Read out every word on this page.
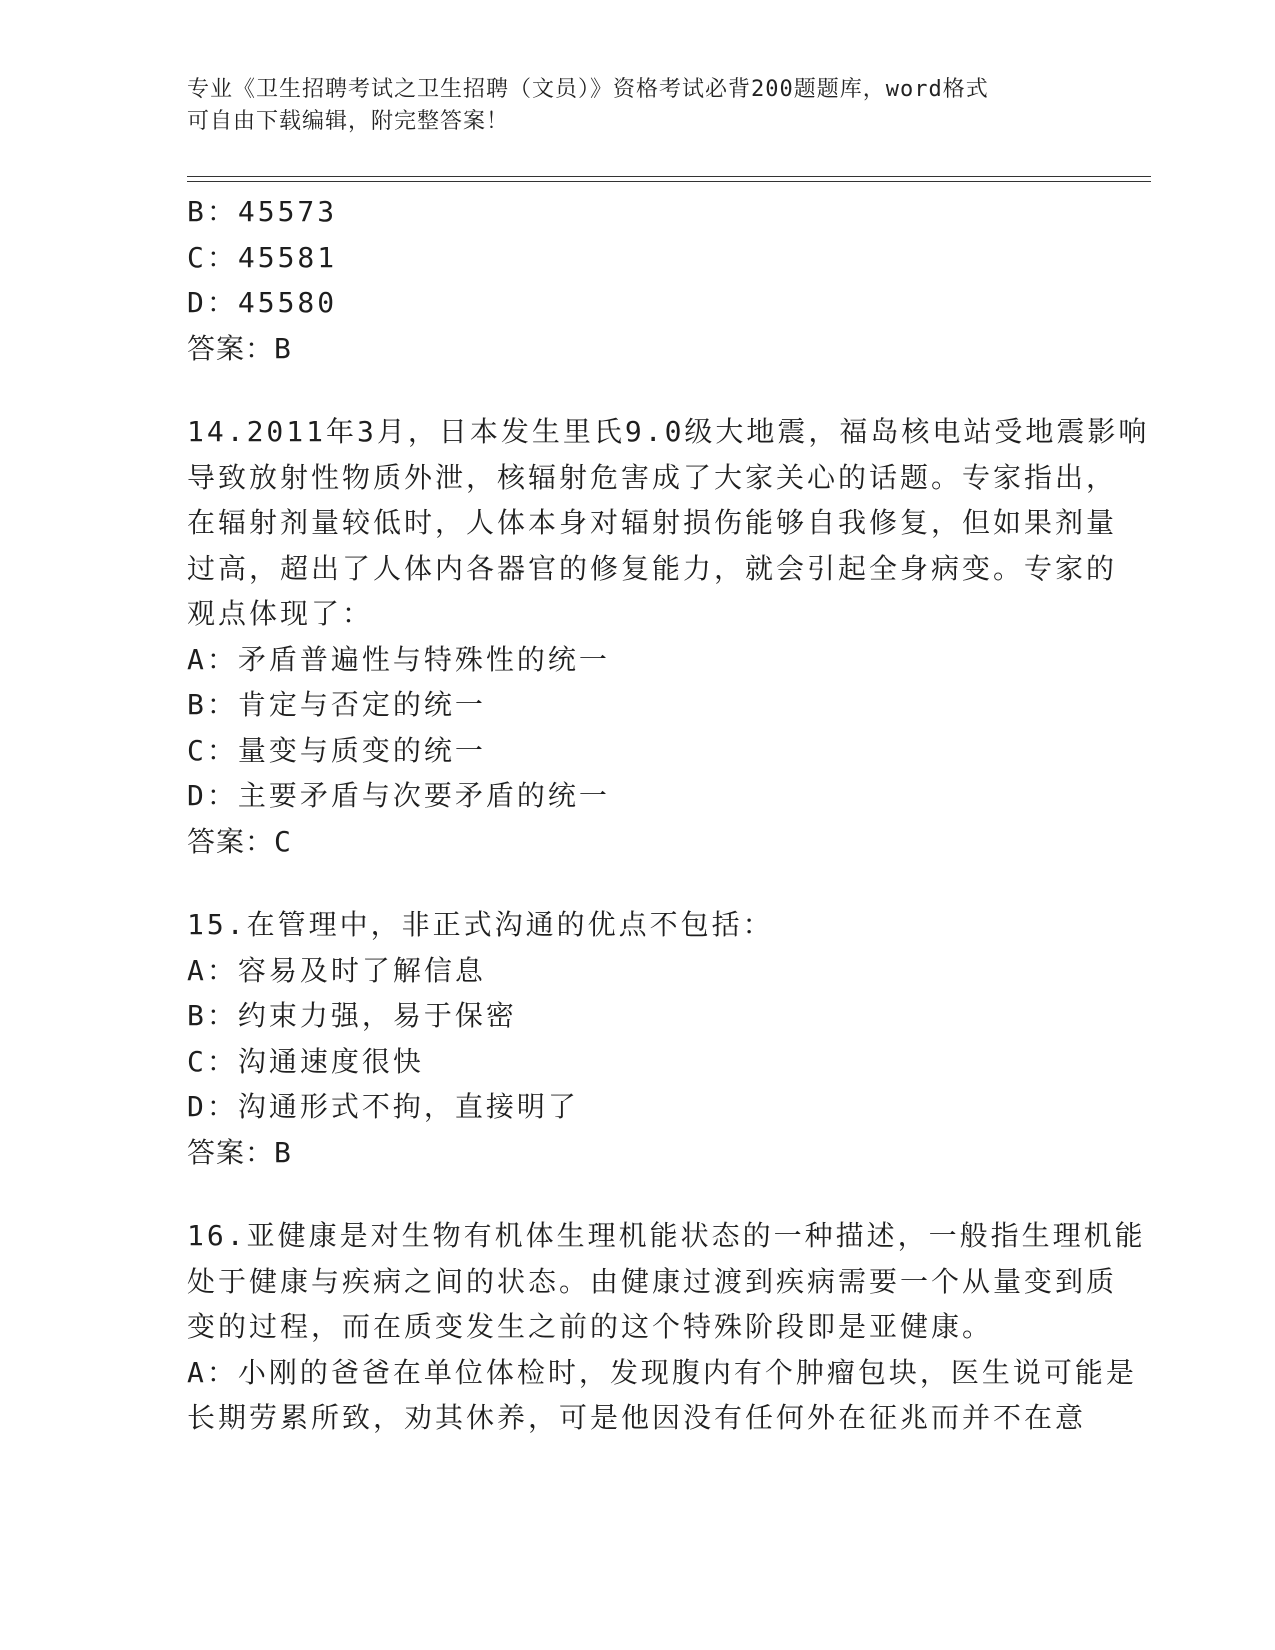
专业《卫生招聘考试之卫生招聘（文员）》资格考试必背200题题库，word格式
可自由下载编辑，附完整答案！
B：45573
C：45581
D：45580
答案：B
14.2011年3月，日本发生里氏9.0级大地震，福岛核电站受地震影响
导致放射性物质外泄，核辐射危害成了大家关心的话题。专家指出，
在辐射剂量较低时，人体本身对辐射损伤能够自我修复，但如果剂量
过高，超出了人体内各器官的修复能力，就会引起全身病变。专家的
观点体现了：
A：矛盾普遍性与特殊性的统一
B：肯定与否定的统一
C：量变与质变的统一
D：主要矛盾与次要矛盾的统一
答案：C
15.在管理中，非正式沟通的优点不包括：
A：容易及时了解信息
B：约束力强，易于保密
C：沟通速度很快
D：沟通形式不拘，直接明了
答案：B
16.亚健康是对生物有机体生理机能状态的一种描述，一般指生理机能
处于健康与疾病之间的状态。由健康过渡到疾病需要一个从量变到质
变的过程，而在质变发生之前的这个特殊阶段即是亚健康。
A：小刚的爸爸在单位体检时，发现腹内有个肿瘤包块，医生说可能是
长期劳累所致，劝其休养，可是他因没有任何外在征兆而并不在意
